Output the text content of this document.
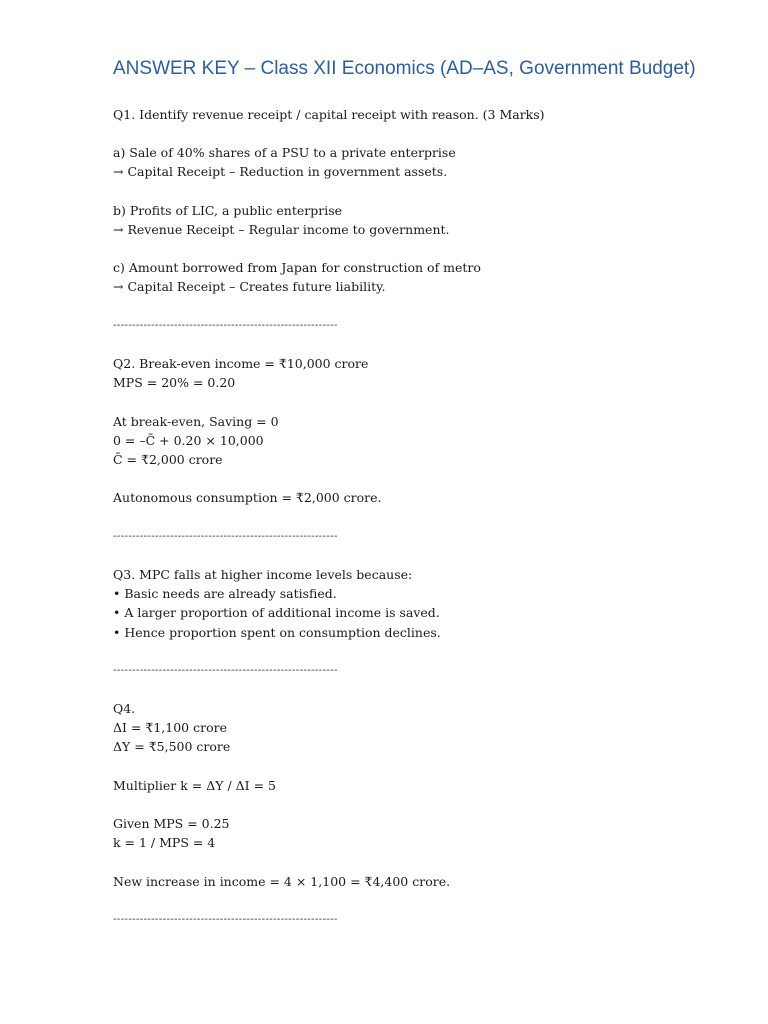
ANSWER KEY – Class XII Economics (AD–AS, Government Budget)
Q1. Identify revenue receipt / capital receipt with reason. (3 Marks)
a) Sale of 40% shares of a PSU to a private enterprise
→ Capital Receipt – Reduction in government assets.
b) Profits of LIC, a public enterprise
→ Revenue Receipt – Regular income to government.
c) Amount borrowed from Japan for construction of metro
→ Capital Receipt – Creates future liability.
-----------------------------------------------------------
Q2. Break-even income = ₹10,000 crore
MPS = 20% = 0.20
At break-even, Saving = 0
0 = –C̄ + 0.20 × 10,000
C̄ = ₹2,000 crore
Autonomous consumption = ₹2,000 crore.
-----------------------------------------------------------
Q3. MPC falls at higher income levels because:
• Basic needs are already satisfied.
• A larger proportion of additional income is saved.
• Hence proportion spent on consumption declines.
-----------------------------------------------------------
Q4.
ΔI = ₹1,100 crore
ΔY = ₹5,500 crore
Multiplier k = ΔY / ΔI = 5
Given MPS = 0.25
k = 1 / MPS = 4
New increase in income = 4 × 1,100 = ₹4,400 crore.
-----------------------------------------------------------
